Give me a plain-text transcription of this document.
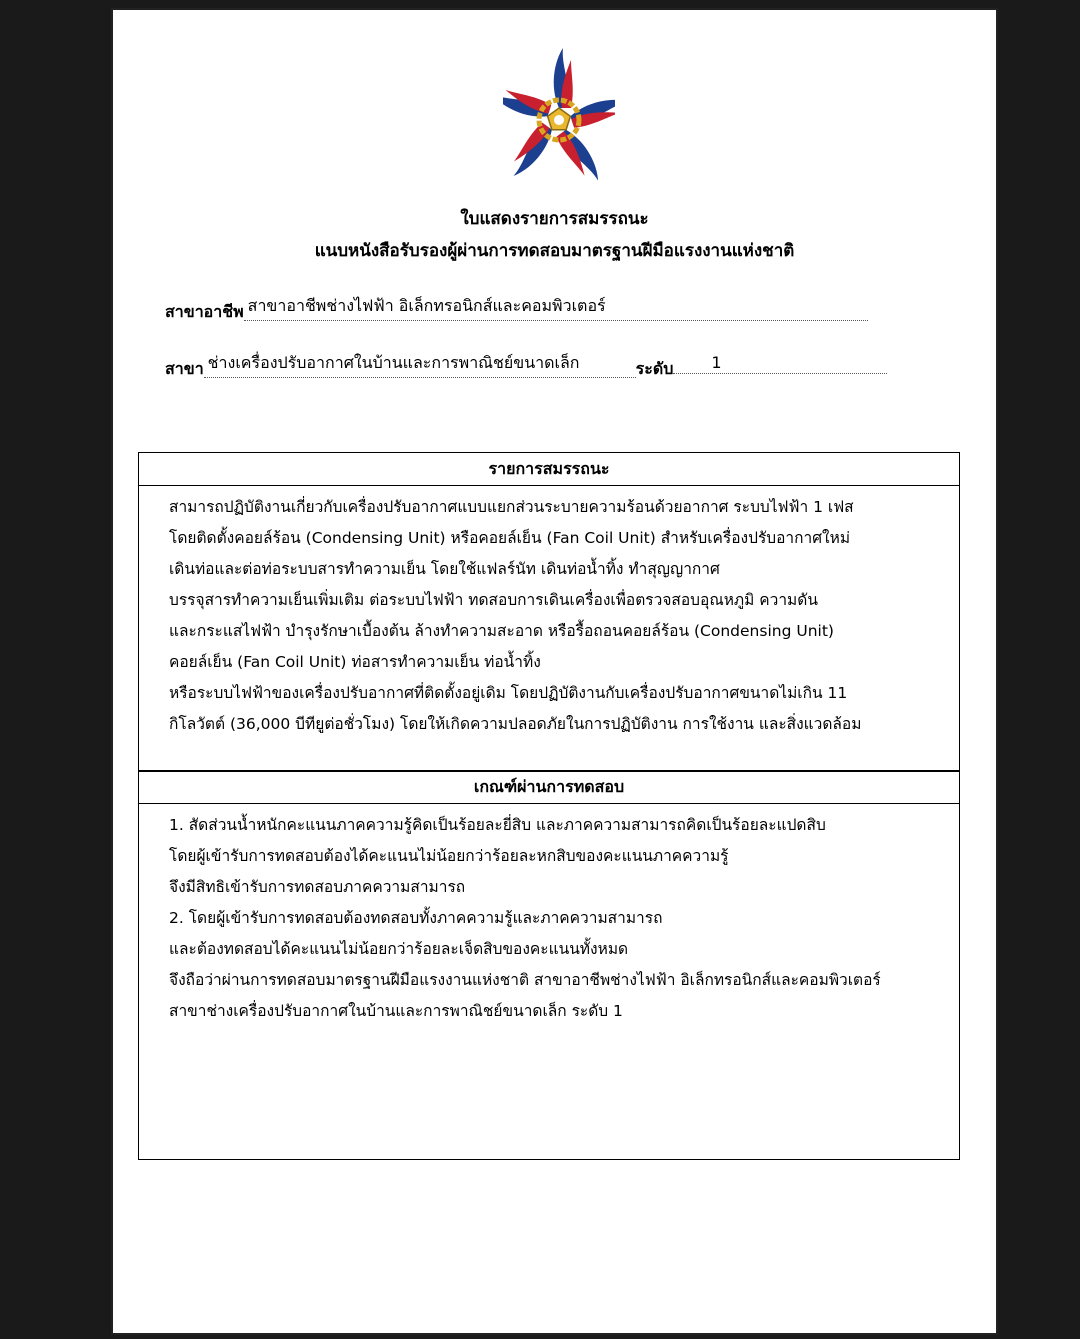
ใบแสดงรายการสมรรถนะ
แนบหนังสือรับรองผู้ผ่านการทดสอบมาตรฐานฝีมือแรงงานแห่งชาติ
สาขาอาชีพ สาขาอาชีพช่างไฟฟ้า อิเล็กทรอนิกส์และคอมพิวเตอร์
สาขา ช่างเครื่องปรับอากาศในบ้านและการพาณิชย์ขนาดเล็ก	ระดับ 1
รายการสมรรถนะ
สามารถปฏิบัติงานเกี่ยวกับเครื่องปรับอากาศแบบแยกส่วนระบายความร้อนด้วยอากาศ ระบบไฟฟ้า 1 เฟส
โดยติดตั้งคอยล์ร้อน (Condensing Unit) หรือคอยล์เย็น (Fan Coil Unit) สำหรับเครื่องปรับอากาศใหม่
เดินท่อและต่อท่อระบบสารทำความเย็น โดยใช้แฟลร์นัท เดินท่อน้ำทิ้ง ทำสุญญากาศ
บรรจุสารทำความเย็นเพิ่มเติม ต่อระบบไฟฟ้า ทดสอบการเดินเครื่องเพื่อตรวจสอบอุณหภูมิ ความดัน
และกระแสไฟฟ้า บำรุงรักษาเบื้องต้น ล้างทำความสะอาด หรือรื้อถอนคอยล์ร้อน (Condensing Unit)
คอยล์เย็น (Fan Coil Unit) ท่อสารทำความเย็น ท่อน้ำทิ้ง
หรือระบบไฟฟ้าของเครื่องปรับอากาศที่ติดตั้งอยู่เดิม โดยปฏิบัติงานกับเครื่องปรับอากาศขนาดไม่เกิน 11
กิโลวัตต์ (36,000 บีทียูต่อชั่วโมง) โดยให้เกิดความปลอดภัยในการปฏิบัติงาน การใช้งาน และสิ่งแวดล้อม
เกณฑ์ผ่านการทดสอบ
1. สัดส่วนน้ำหนักคะแนนภาคความรู้คิดเป็นร้อยละยี่สิบ และภาคความสามารถคิดเป็นร้อยละแปดสิบ
โดยผู้เข้ารับการทดสอบต้องได้คะแนนไม่น้อยกว่าร้อยละหกสิบของคะแนนภาคความรู้
จึงมีสิทธิเข้ารับการทดสอบภาคความสามารถ
2. โดยผู้เข้ารับการทดสอบต้องทดสอบทั้งภาคความรู้และภาคความสามารถ
และต้องทดสอบได้คะแนนไม่น้อยกว่าร้อยละเจ็ดสิบของคะแนนทั้งหมด
จึงถือว่าผ่านการทดสอบมาตรฐานฝีมือแรงงานแห่งชาติ สาขาอาชีพช่างไฟฟ้า อิเล็กทรอนิกส์และคอมพิวเตอร์
สาขาช่างเครื่องปรับอากาศในบ้านและการพาณิชย์ขนาดเล็ก ระดับ 1
